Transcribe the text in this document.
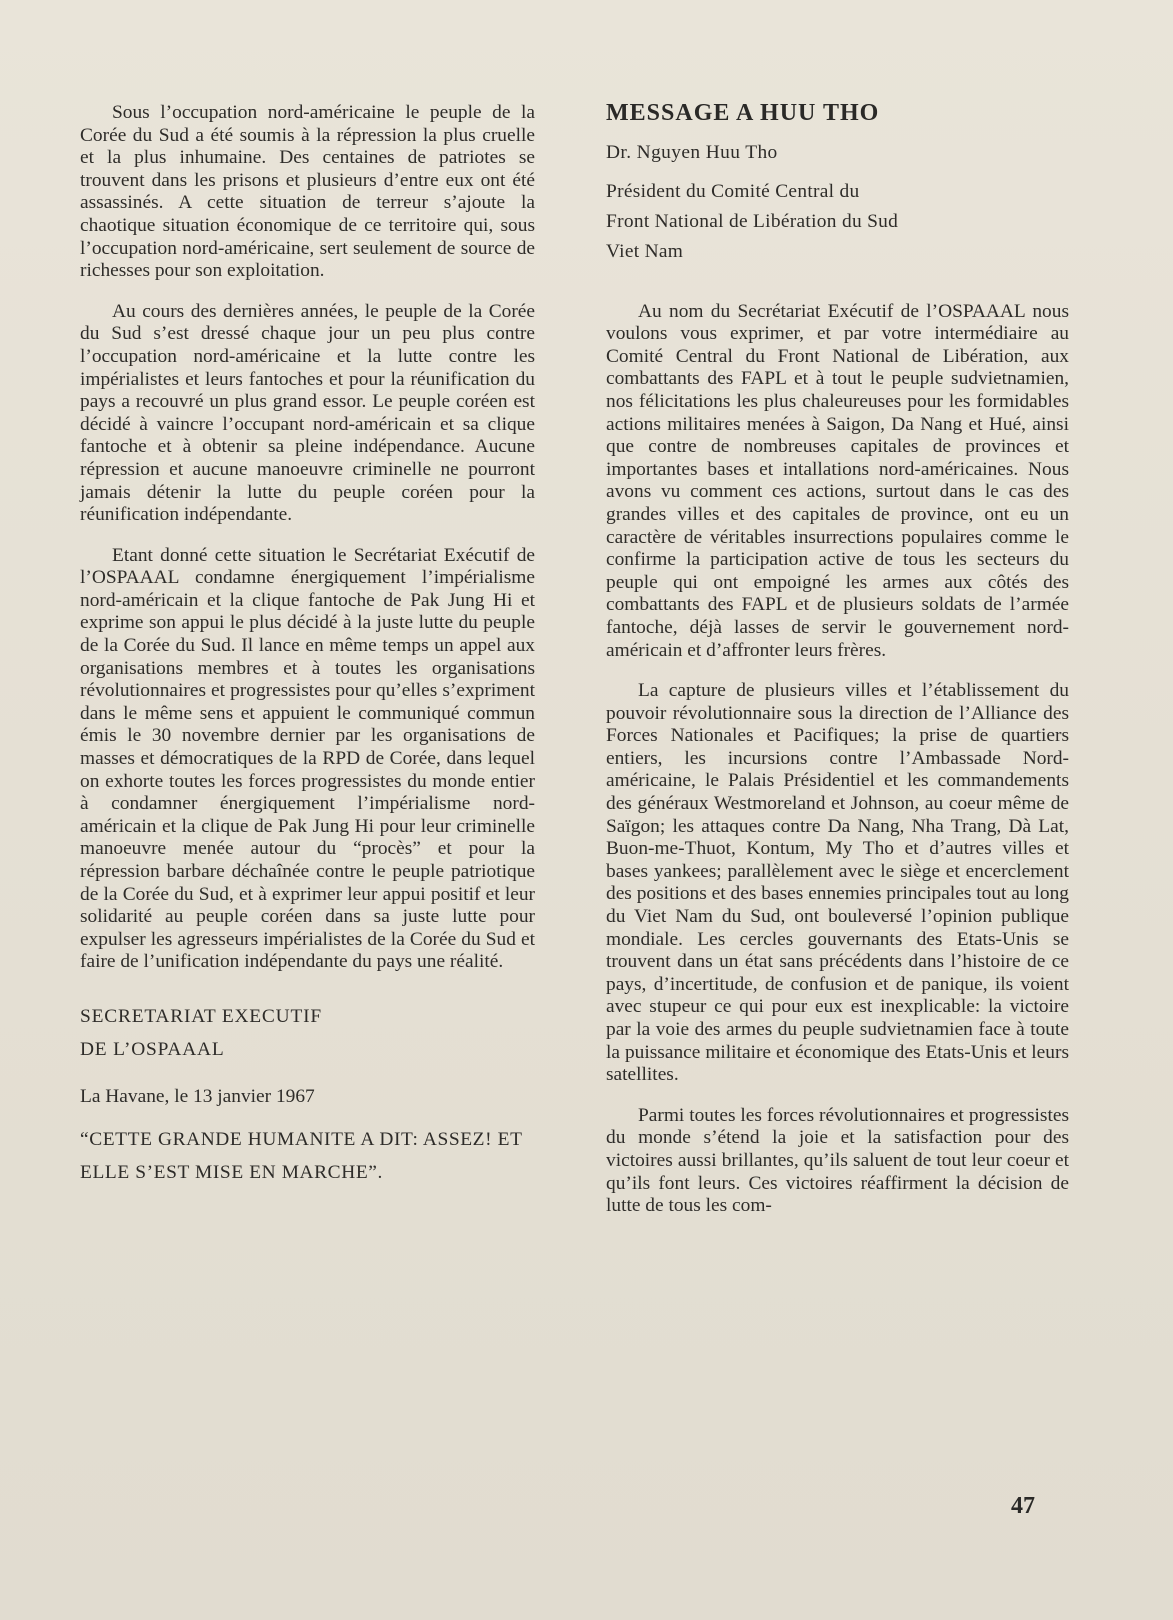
Sous l’occupation nord-américaine le peuple de la Corée du Sud a été soumis à la répression la plus cruelle et la plus inhumaine. Des centaines de patriotes se trouvent dans les prisons et plusieurs d’entre eux ont été assassinés. A cette situation de terreur s’ajoute la chaotique situation économique de ce territoire qui, sous l’occupation nord-américaine, sert seulement de source de richesses pour son exploitation.

Au cours des dernières années, le peuple de la Corée du Sud s’est dressé chaque jour un peu plus contre l’occupation nord-américaine et la lutte contre les impérialistes et leurs fantoches et pour la réunification du pays a recouvré un plus grand essor. Le peuple coréen est décidé à vaincre l’occupant nord-américain et sa clique fantoche et à obtenir sa pleine indépendance. Aucune répression et aucune manoeuvre criminelle ne pourront jamais détenir la lutte du peuple coréen pour la réunification indépendante.

Etant donné cette situation le Secrétariat Exécutif de l’OSPAAAL condamne énergiquement l’impérialisme nord-américain et la clique fantoche de Pak Jung Hi et exprime son appui le plus décidé à la juste lutte du peuple de la Corée du Sud. Il lance en même temps un appel aux organisations membres et à toutes les organisations révolutionnaires et progressistes pour qu’elles s’expriment dans le même sens et appuient le communiqué commun émis le 30 novembre dernier par les organisations de masses et démocratiques de la RPD de Corée, dans lequel on exhorte toutes les forces progressistes du monde entier à condamner énergiquement l’impérialisme nord-américain et la clique de Pak Jung Hi pour leur criminelle manoeuvre menée autour du “procès” et pour la répression barbare déchaînée contre le peuple patriotique de la Corée du Sud, et à exprimer leur appui positif et leur solidarité au peuple coréen dans sa juste lutte pour expulser les agresseurs impérialistes de la Corée du Sud et faire de l’unification indépendante du pays une réalité.

SECRETARIAT EXECUTIF
DE L’OSPAAAL
La Havane, le 13 janvier 1967
“CETTE GRANDE HUMANITE A DIT: ASSEZ! ET ELLE S’EST MISE EN MARCHE”.
MESSAGE A HUU THO
Dr. Nguyen Huu Tho
Président du Comité Central du
Front National de Libération du Sud
Viet Nam

Au nom du Secrétariat Exécutif de l’OSPAAAL nous voulons vous exprimer, et par votre intermédiaire au Comité Central du Front National de Libération, aux combattants des FAPL et à tout le peuple sudvietnamien, nos félicitations les plus chaleureuses pour les formidables actions militaires menées à Saigon, Da Nang et Hué, ainsi que contre de nombreuses capitales de provinces et importantes bases et intallations nord-américaines. Nous avons vu comment ces actions, surtout dans le cas des grandes villes et des capitales de province, ont eu un caractère de véritables insurrections populaires comme le confirme la participation active de tous les secteurs du peuple qui ont empoigné les armes aux côtés des combattants des FAPL et de plusieurs soldats de l’armée fantoche, déjà lasses de servir le gouvernement nord-américain et d’affronter leurs frères.

La capture de plusieurs villes et l’établissement du pouvoir révolutionnaire sous la direction de l’Alliance des Forces Nationales et Pacifiques; la prise de quartiers entiers, les incursions contre l’Ambassade Nord-américaine, le Palais Présidentiel et les commandements des généraux Westmoreland et Johnson, au coeur même de Saïgon; les attaques contre Da Nang, Nha Trang, Dà Lat, Buon-me-Thuot, Kontum, My Tho et d’autres villes et bases yankees; parallèlement avec le siège et encerclement des positions et des bases ennemies principales tout au long du Viet Nam du Sud, ont bouleversé l’opinion publique mondiale. Les cercles gouvernants des Etats-Unis se trouvent dans un état sans précédents dans l’histoire de ce pays, d’incertitude, de confusion et de panique, ils voient avec stupeur ce qui pour eux est inexplicable: la victoire par la voie des armes du peuple sudvietnamien face à toute la puissance militaire et économique des Etats-Unis et leurs satellites.

Parmi toutes les forces révolutionnaires et progressistes du monde s’étend la joie et la satisfaction pour des victoires aussi brillantes, qu’ils saluent de tout leur coeur et qu’ils font leurs. Ces victoires réaffirment la décision de lutte de tous les com-

47
